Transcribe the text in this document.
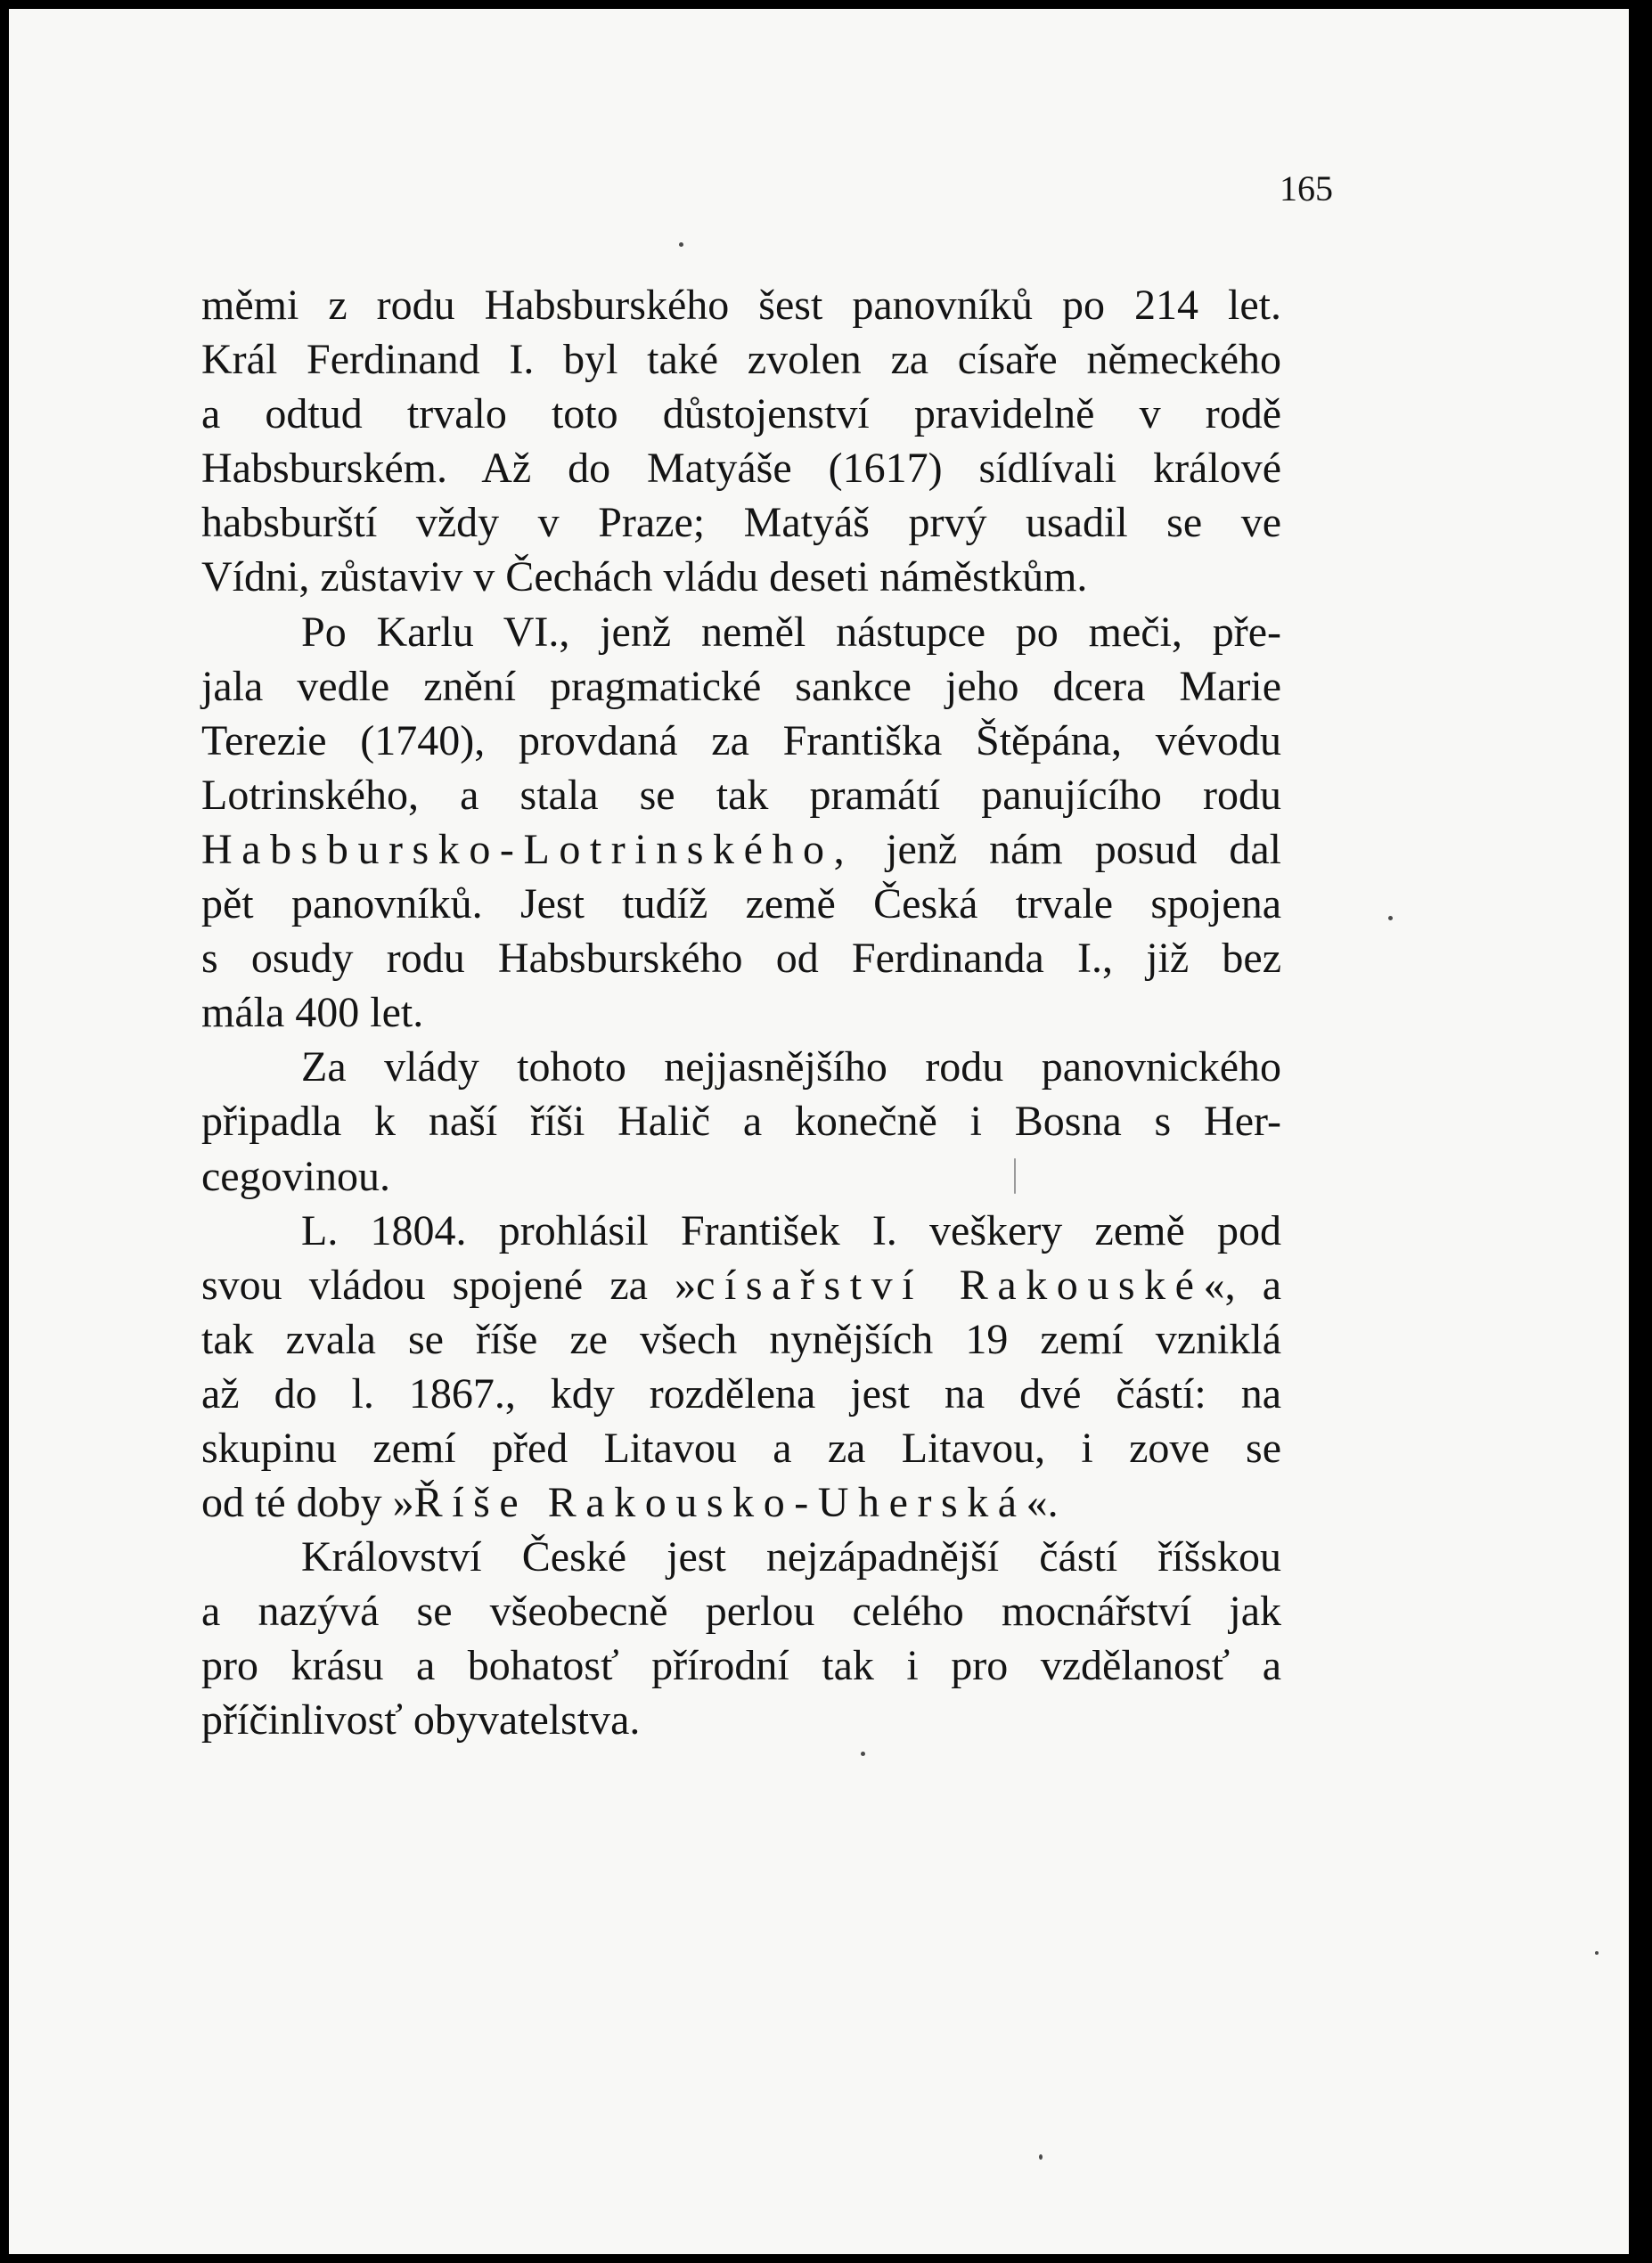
165
měmi z rodu Habsburského šest panovníků po 214 let.
Král Ferdinand I. byl také zvolen za císaře německého
a odtud trvalo toto důstojenství pravidelně v rodě
Habsburském. Až do Matyáše (1617) sídlívali králové
habsburští vždy v Praze; Matyáš prvý usadil se ve
Vídni, zůstaviv v Čechách vládu deseti náměstkům.
Po Karlu VI., jenž neměl nástupce po meči, pře-
jala vedle znění pragmatické sankce jeho dcera Marie
Terezie (1740), provdaná za Františka Štěpána, vévodu
Lotrinského, a stala se tak pramátí panujícího rodu
Habsbursko-Lotrinského, jenž nám posud dal
pět panovníků. Jest tudíž země Česká trvale spojena
s osudy rodu Habsburského od Ferdinanda I., již bez
mála 400 let.
Za vlády tohoto nejjasnějšího rodu panovnického
připadla k naší říši Halič a konečně i Bosna s Her-
cegovinou.
L. 1804. prohlásil František I. veškery země pod
svou vládou spojené za »císařství Rakouské«, a
tak zvala se říše ze všech nynějších 19 zemí vzniklá
až do l. 1867., kdy rozdělena jest na dvé částí: na
skupinu zemí před Litavou a za Litavou, i zove se
od té doby »Říše Rakousko-Uherská«.
Království České jest nejzápadnější částí říšskou
a nazývá se všeobecně perlou celého mocnářství jak
pro krásu a bohatosť přírodní tak i pro vzdělanosť a
příčinlivosť obyvatelstva.
